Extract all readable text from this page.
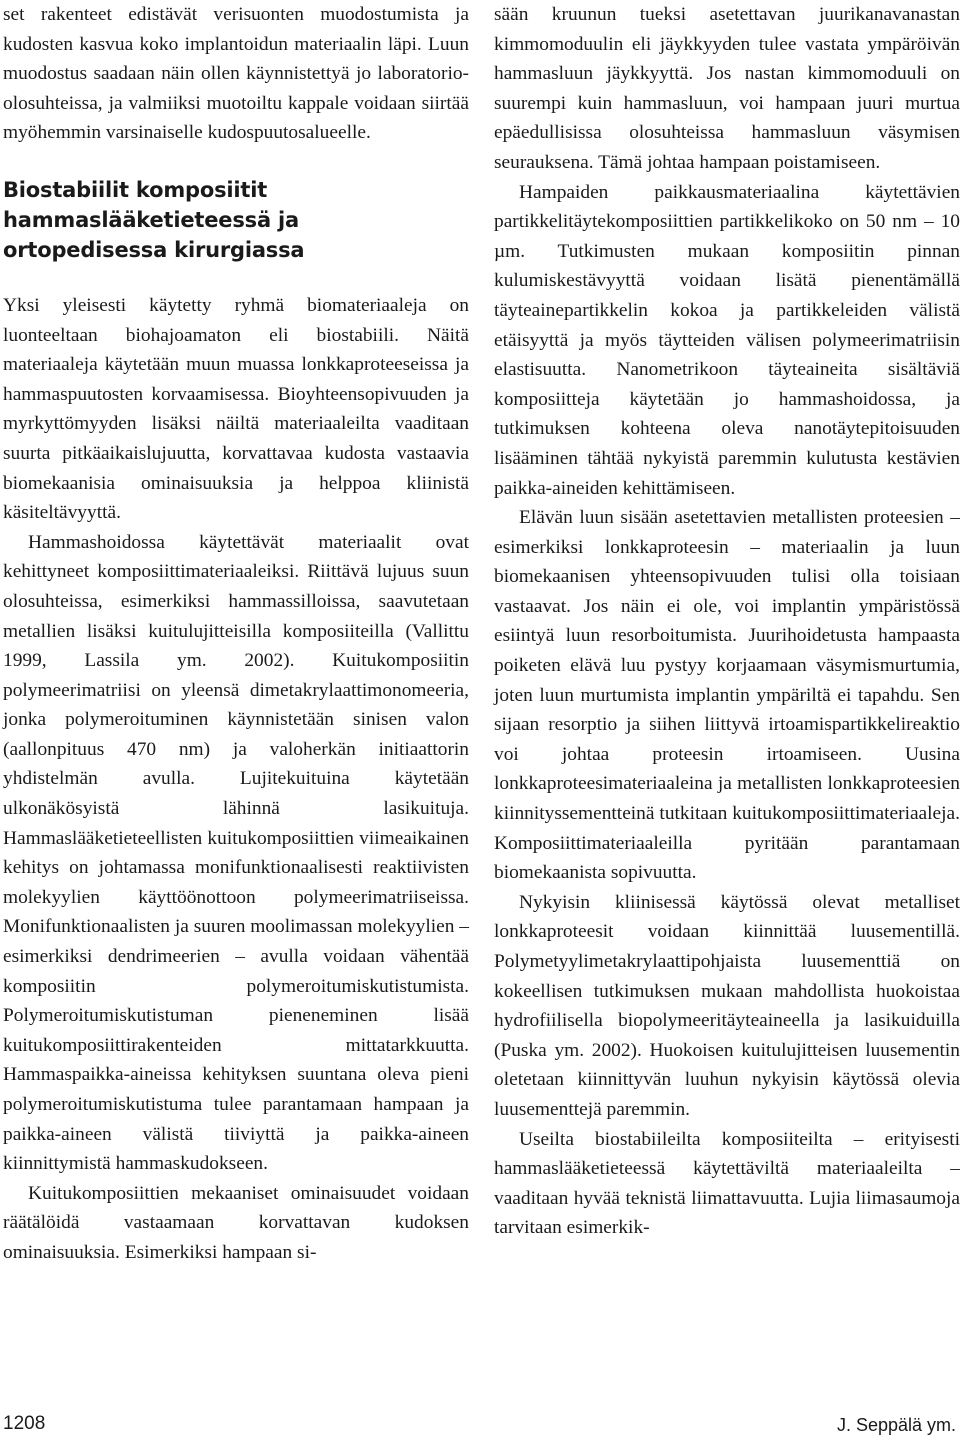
set rakenteet edistävät verisuonten muodostumista ja kudosten kasvua koko implantoidun materiaalin läpi. Luun muodostus saadaan näin ollen käynnistettyä jo laboratorio-olosuhteissa, ja valmiiksi muotoiltu kappale voidaan siirtää myöhemmin varsinaiselle kudospuutosalueelle.

Biostabiilit komposiitit hammaslääketieteessä ja ortopedisessa kirurgiassa

Yksi yleisesti käytetty ryhmä biomateriaaleja on luonteeltaan biohajoamaton eli biostabiili. Näitä materiaaleja käytetään muun muassa lonkkaproteeseissa ja hammaspuutosten korvaamisessa. Bioyhteensopivuuden ja myrkyttömyyden lisäksi näiltä materiaaleilta vaaditaan suurta pitkäaikaislujuutta, korvattavaa kudosta vastaavia biomekaanisia ominaisuuksia ja helppoa kliinistä käsiteltävyyttä.

Hammashoidossa käytettävät materiaalit ovat kehittyneet komposiittimateriaaleiksi. Riittävä lujuus suun olosuhteissa, esimerkiksi hammassilloissa, saavutetaan metallien lisäksi kuitulujitteisilla komposiiteilla (Vallittu 1999, Lassila ym. 2002). Kuitukomposiitin polymeerimatriisi on yleensä dimetakrylaattimonomeeria, jonka polymeroituminen käynnistetään sinisen valon (aallonpituus 470 nm) ja valoherkän initiaattorin yhdistelmän avulla. Lujitekuituina käytetään ulkonäkösyistä lähinnä lasikuituja. Hammaslääketieteellisten kuitukomposiittien viimeaikainen kehitys on johtamassa monifunktionaalisesti reaktiivisten molekyylien käyttöönottoon polymeerimatriiseissa. Monifunktionaalisten ja suuren moolimassan molekyylien – esimerkiksi dendrimeerien – avulla voidaan vähentää komposiitin polymeroitumiskutistumista. Polymeroitumiskutistuman pieneneminen lisää kuitukomposiittirakenteiden mittatarkkuutta. Hammaspaikka-aineissa kehityksen suuntana oleva pieni polymeroitumiskutistuma tulee parantamaan hampaan ja paikka-aineen välistä tiiviyttä ja paikka-aineen kiinnittymistä hammaskudokseen.

Kuitukomposiittien mekaaniset ominaisuudet voidaan räätälöidä vastaamaan korvattavan kudoksen ominaisuuksia. Esimerkiksi hampaan si-

sään kruunun tueksi asetettavan juurikanavanastan kimmomoduulin eli jäykkyyden tulee vastata ympäröivän hammasluun jäykkyyttä. Jos nastan kimmomoduuli on suurempi kuin hammasluun, voi hampaan juuri murtua epäedullisissa olosuhteissa hammasluun väsymisen seurauksena. Tämä johtaa hampaan poistamiseen.

Hampaiden paikkausmateriaalina käytettävien partikkelitäytekomposiittien partikkelikoko on 50 nm – 10 µm. Tutkimusten mukaan komposiitin pinnan kulumiskestävyyttä voidaan lisätä pienentämällä täyteainepartikkelin kokoa ja partikkeleiden välistä etäisyyttä ja myös täytteiden välisen polymeerimatriisin elastisuutta. Nanometrikoon täyteaineita sisältäviä komposiitteja käytetään jo hammashoidossa, ja tutkimuksen kohteena oleva nanotäytepitoisuuden lisääminen tähtää nykyistä paremmin kulutusta kestävien paikka-aineiden kehittämiseen.

Elävän luun sisään asetettavien metallisten proteesien – esimerkiksi lonkkaproteesin – materiaalin ja luun biomekaanisen yhteensopivuuden tulisi olla toisiaan vastaavat. Jos näin ei ole, voi implantin ympäristössä esiintyä luun resorboitumista. Juurihoidetusta hampaasta poiketen elävä luu pystyy korjaamaan väsymismurtumia, joten luun murtumista implantin ympäriltä ei tapahdu. Sen sijaan resorptio ja siihen liittyvä irtoamispartikkelireaktio voi johtaa proteesin irtoamiseen. Uusina lonkkaproteesimateriaaleina ja metallisten lonkkaproteesien kiinnityssementteinä tutkitaan kuitukomposiittimateriaaleja. Komposiittimateriaaleilla pyritään parantamaan biomekaanista sopivuutta.

Nykyisin kliinisessä käytössä olevat metalliset lonkkaproteesit voidaan kiinnittää luusementillä. Polymetyylimetakrylaattipohjaista luusementtiä on kokeellisen tutkimuksen mukaan mahdollista huokoistaa hydrofiilisella biopolymeeritäyteaineella ja lasikuiduilla (Puska ym. 2002). Huokoisen kuitulujitteisen luusementin oletetaan kiinnittyvän luuhun nykyisin käytössä olevia luusementtejä paremmin.

Useilta biostabiileilta komposiiteilta – erityisesti hammaslääketieteessä käytettäviltä materiaaleilta – vaaditaan hyvää teknistä liimattavuutta. Lujia liimasaumoja tarvitaan esimerkik-

1208	J. Seppälä ym.
